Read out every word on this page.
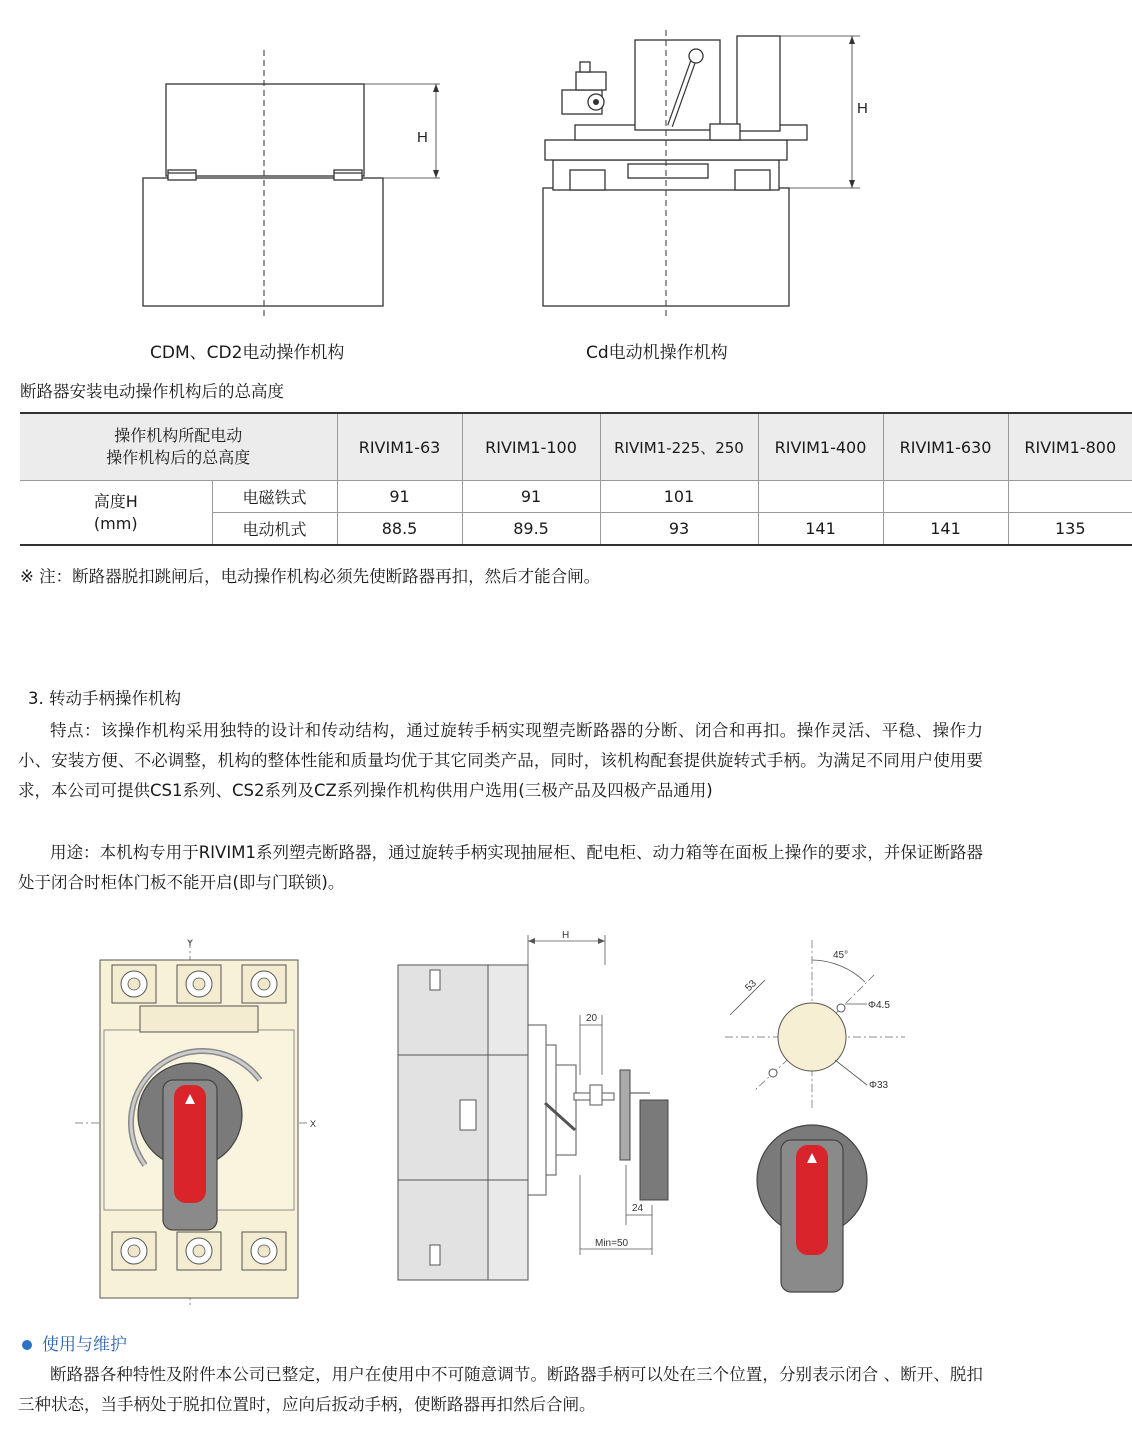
H
CDM、CD2电动操作机构
H
Cd电动机操作机构
断路器安装电动操作机构后的总高度
操作机构所配电动
操作机构后的总高度		RIVIM1-63	RIVIM1-100	RIVIM1-225、250	RIVIM1-400	RIVIM1-630	RIVIM1-800

高度H
(mm)	电磁铁式	91	91	101			
	电动机式	88.5	89.5	93	141	141	135
※ 注：断路器脱扣跳闸后，电动操作机构必须先使断路器再扣，然后才能合闸。
3. 转动手柄操作机构
特点：该操作机构采用独特的设计和传动结构，通过旋转手柄实现塑壳断路器的分断、闭合和再扣。操作灵活、平稳、操作力小、安装方便、不必调整，机构的整体性能和质量均优于其它同类产品，同时，该机构配套提供旋转式手柄。为满足不同用户使用要求，本公司可提供CS1系列、CS2系列及CZ系列操作机构供用户选用(三极产品及四极产品通用)
用途：本机构专用于RIVIM1系列塑壳断路器，通过旋转手柄实现抽屉柜、配电柜、动力箱等在面板上操作的要求，并保证断路器处于闭合时柜体门板不能开启(即与门联锁)。
Y
X
H
20
24
Min=50
45°
53
Φ4.5
Φ33
使用与维护
断路器各种特性及附件本公司已整定，用户在使用中不可随意调节。断路器手柄可以处在三个位置，分别表示闭合 、断开、脱扣三种状态，当手柄处于脱扣位置时，应向后扳动手柄，使断路器再扣然后合闸。
